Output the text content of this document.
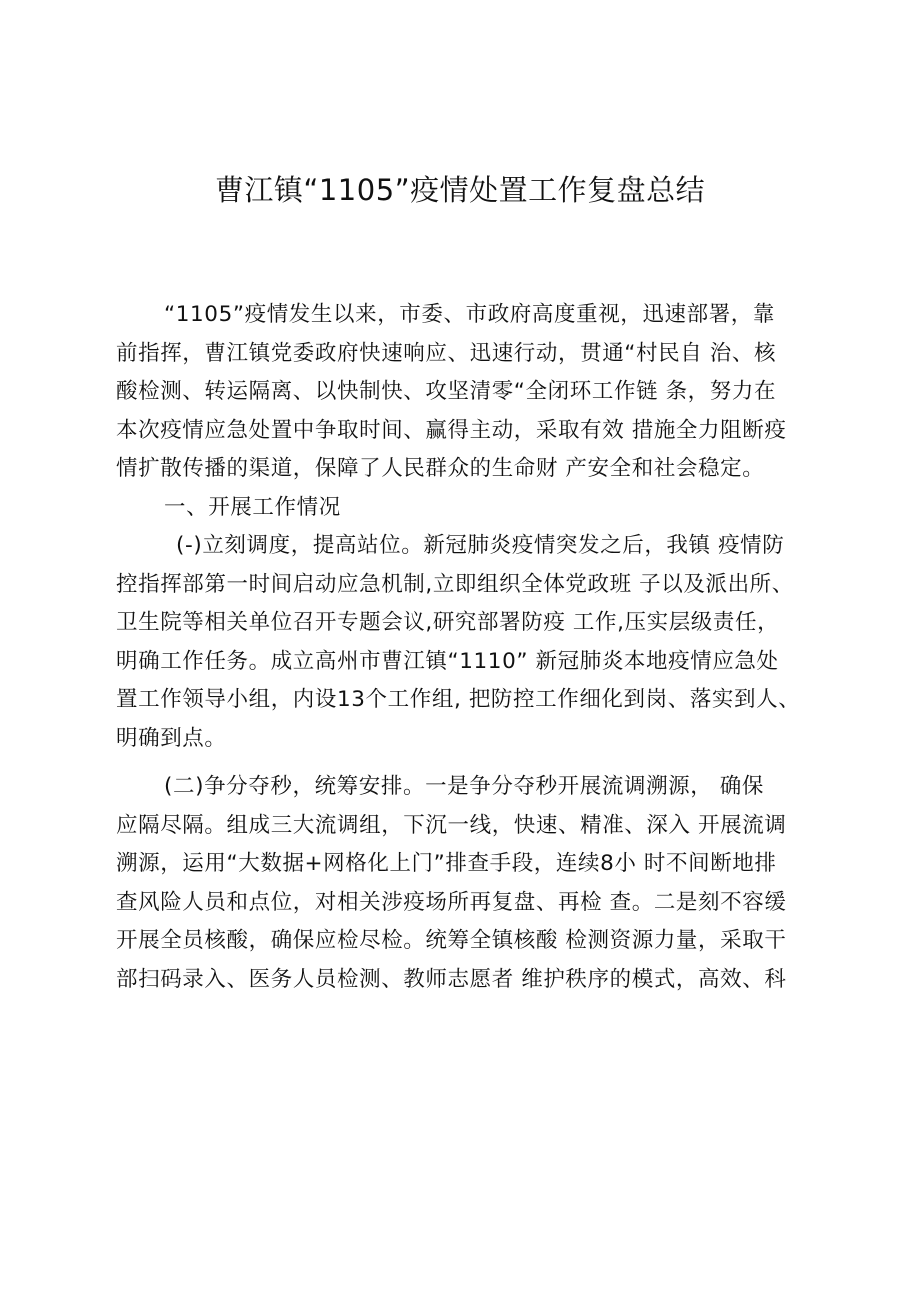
曹江镇“1105”疫情处置工作复盘总结
“1105”疫情发生以来，市委、市政府高度重视，迅速部署，靠
前指挥，曹江镇党委政府快速响应、迅速行动，贯通“村民自 治、核
酸检测、转运隔离、以快制快、攻坚清零“全闭环工作链 条，努力在
本次疫情应急处置中争取时间、赢得主动，采取有效 措施全力阻断疫
情扩散传播的渠道，保障了人民群众的生命财 产安全和社会稳定。
一、开展工作情况
(-)立刻调度，提高站位。新冠肺炎疫情突发之后，我镇 疫情防
控指挥部第一时间启动应急机制,立即组织全体党政班 子以及派出所、
卫生院等相关单位召开专题会议,研究部署防疫 工作,压实层级责任，
明确工作任务。成立高州市曹江镇“1110” 新冠肺炎本地疫情应急处
置工作领导小组，内设13个工作组, 把防控工作细化到岗、落实到人、
明确到点。
(二)争分夺秒，统筹安排。一是争分夺秒开展流调溯源， 确保
应隔尽隔。组成三大流调组，下沉一线，快速、精准、深入 开展流调
溯源，运用“大数据+网格化上门”排查手段，连续8小 时不间断地排
查风险人员和点位，对相关涉疫场所再复盘、再检 查。二是刻不容缓
开展全员核酸，确保应检尽检。统筹全镇核酸 检测资源力量，采取干
部扫码录入、医务人员检测、教师志愿者 维护秩序的模式，高效、科
